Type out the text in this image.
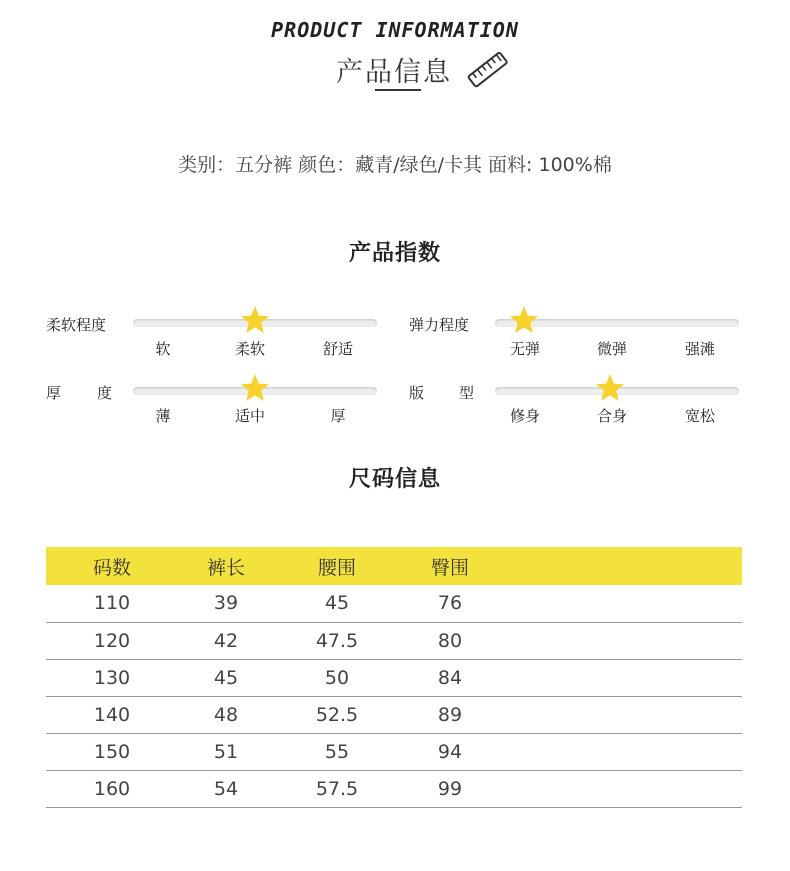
PRODUCT INFORMATION
产品信息
类别：五分裤 颜色：藏青/绿色/卡其 面料: 100%棉
产品指数
柔软程度
软	柔软	舒适
弹力程度
无弹	微弹	强滩
厚 度
薄	适中	厚
版 型
修身	合身	宽松
尺码信息
码数	裤长	腰围	臀围	
110	39	45	76	
120	42	47.5	80	
130	45	50	84	
140	48	52.5	89	
150	51	55	94	
160	54	57.5	99	
